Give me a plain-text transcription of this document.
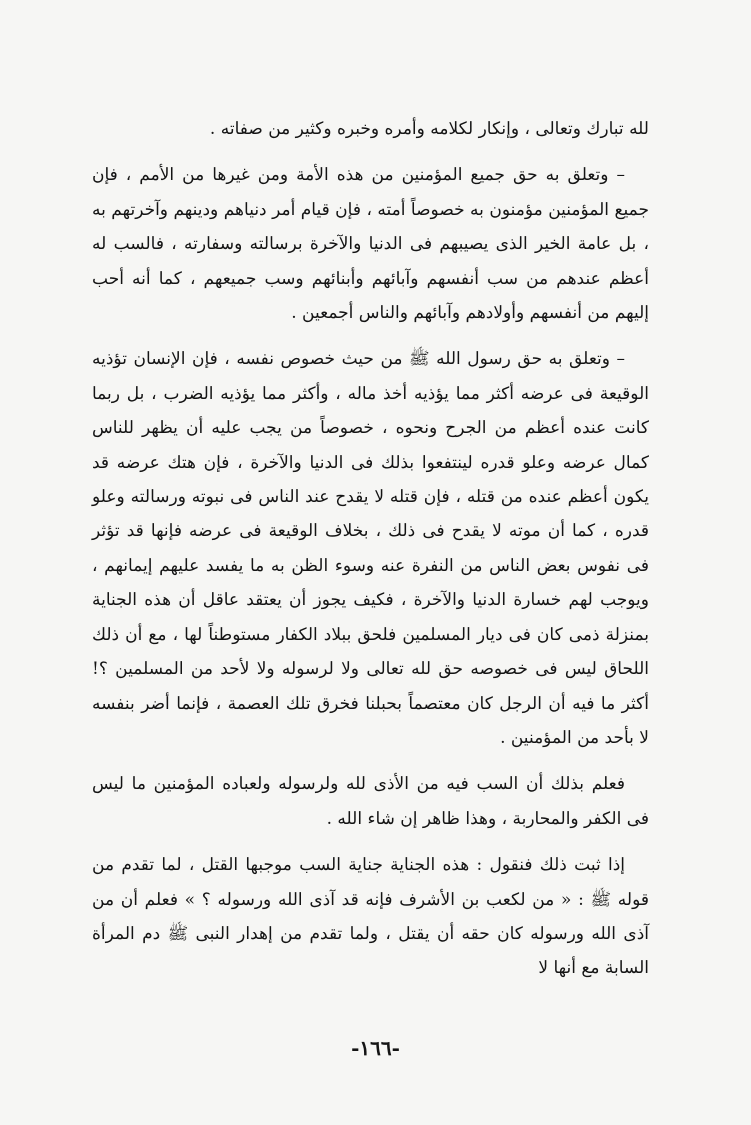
لله تبارك وتعالى ، وإنكار لكلامه وأمره وخبره وكثير من صفاته .

– وتعلق به حق جميع المؤمنين من هذه الأمة ومن غيرها من الأمم ، فإن جميع المؤمنين مؤمنون به خصوصاً أمته ، فإن قيام أمر دنياهم ودينهم وآخرتهم به ، بل عامة الخير الذى يصيبهم فى الدنيا والآخرة برسالته وسفارته ، فالسب له أعظم عندهم من سب أنفسهم وآبائهم وأبنائهم وسب جميعهم ، كما أنه أحب إليهم من أنفسهم وأولادهم وآبائهم والناس أجمعين .

– وتعلق به حق رسول الله ﷺ من حيث خصوص نفسه ، فإن الإنسان تؤذيه الوقيعة فى عرضه أكثر مما يؤذيه أخذ ماله ، وأكثر مما يؤذيه الضرب ، بل ربما كانت عنده أعظم من الجرح ونحوه ، خصوصاً من يجب عليه أن يظهر للناس كمال عرضه وعلو قدره لينتفعوا بذلك فى الدنيا والآخرة ، فإن هتك عرضه قد يكون أعظم عنده من قتله ، فإن قتله لا يقدح عند الناس فى نبوته ورسالته وعلو قدره ، كما أن موته لا يقدح فى ذلك ، بخلاف الوقيعة فى عرضه فإنها قد تؤثر فى نفوس بعض الناس من النفرة عنه وسوء الظن به ما يفسد عليهم إيمانهم ، ويوجب لهم خسارة الدنيا والآخرة ، فكيف يجوز أن يعتقد عاقل أن هذه الجناية بمنزلة ذمى كان فى ديار المسلمين فلحق ببلاد الكفار مستوطناً لها ، مع أن ذلك اللحاق ليس فى خصوصه حق لله تعالى ولا لرسوله ولا لأحد من المسلمين ؟! أكثر ما فيه أن الرجل كان معتصماً بحبلنا فخرق تلك العصمة ، فإنما أضر بنفسه لا بأحد من المؤمنين .

فعلم بذلك أن السب فيه من الأذى لله ولرسوله ولعباده المؤمنين ما ليس فى الكفر والمحاربة ، وهذا ظاهر إن شاء الله .

إذا ثبت ذلك فنقول : هذه الجناية جناية السب موجبها القتل ، لما تقدم من قوله ﷺ : « من لكعب بن الأشرف فإنه قد آذى الله ورسوله ؟ » فعلم أن من آذى الله ورسوله كان حقه أن يقتل ، ولما تقدم من إهدار النبى ﷺ دم المرأة السابة مع أنها لا

-١٦٦-
